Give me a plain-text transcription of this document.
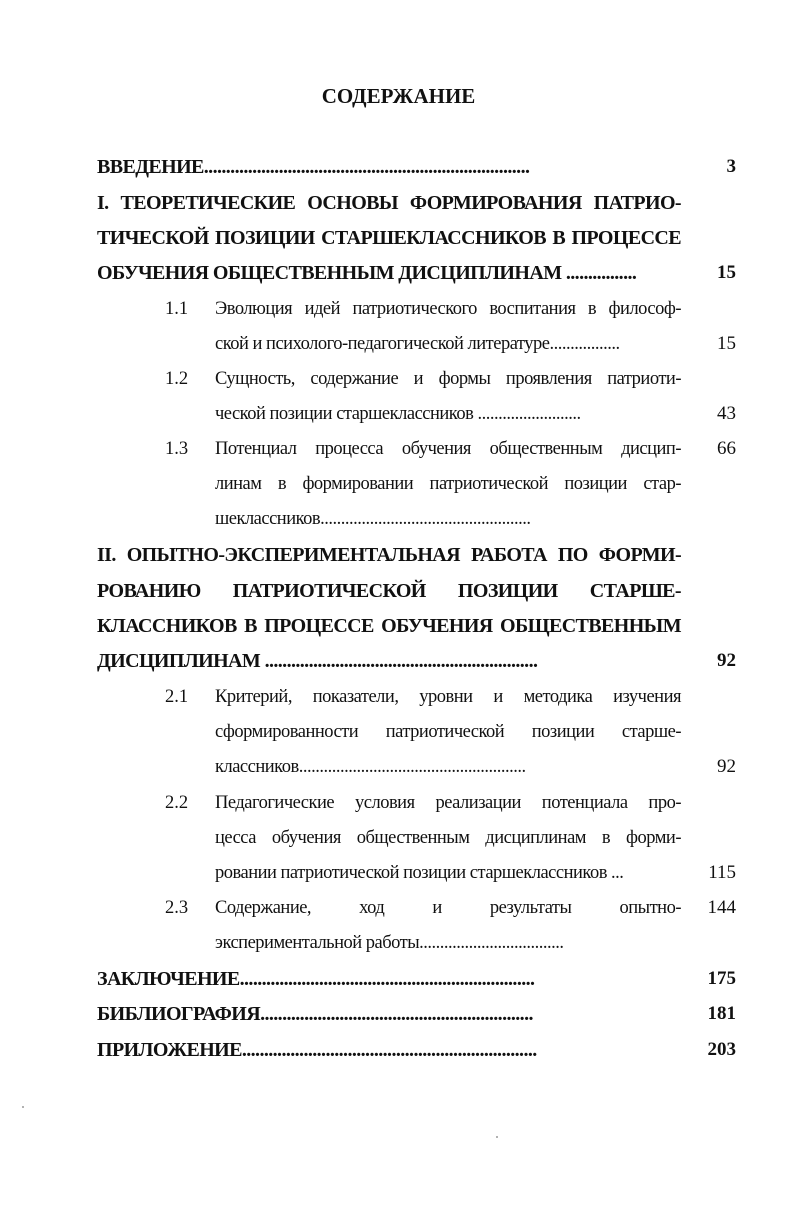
СОДЕРЖАНИЕ
ВВЕДЕНИЕ..........................................................................	3
I. ТЕОРЕТИЧЕСКИЕ ОСНОВЫ ФОРМИРОВАНИЯ ПАТРИО-
ТИЧЕСКОЙ ПОЗИЦИИ СТАРШЕКЛАССНИКОВ В ПРОЦЕССЕ
ОБУЧЕНИЯ ОБЩЕСТВЕННЫМ ДИСЦИПЛИНАМ ................	15
1.1	Эволюция идей патриотического воспитания в философ-
ской и психолого-педагогической литературе.................	15
1.2	Сущность, содержание и формы проявления патриоти-
ческой позиции старшеклассников .........................	43
1.3	Потенциал процесса обучения общественным дисцип-	66
линам в формировании патриотической позиции стар-
шеклассников...................................................
II. ОПЫТНО-ЭКСПЕРИМЕНТАЛЬНАЯ РАБОТА ПО ФОРМИ-
РОВАНИЮ ПАТРИОТИЧЕСКОЙ ПОЗИЦИИ СТАРШЕ-
КЛАССНИКОВ В ПРОЦЕССЕ ОБУЧЕНИЯ ОБЩЕСТВЕННЫМ
ДИСЦИПЛИНАМ ..............................................................	92
2.1	Критерий, показатели, уровни и методика изучения
сформированности патриотической позиции старше-
классников.......................................................	92
2.2	Педагогические условия реализации потенциала про-
цесса обучения общественным дисциплинам в форми-
ровании патриотической позиции старшеклассников ...	115
2.3	Содержание, ход и результаты опытно-	144
экспериментальной работы...................................
ЗАКЛЮЧЕНИЕ...................................................................	175
БИБЛИОГРАФИЯ..............................................................	181
ПРИЛОЖЕНИЕ...................................................................	203
